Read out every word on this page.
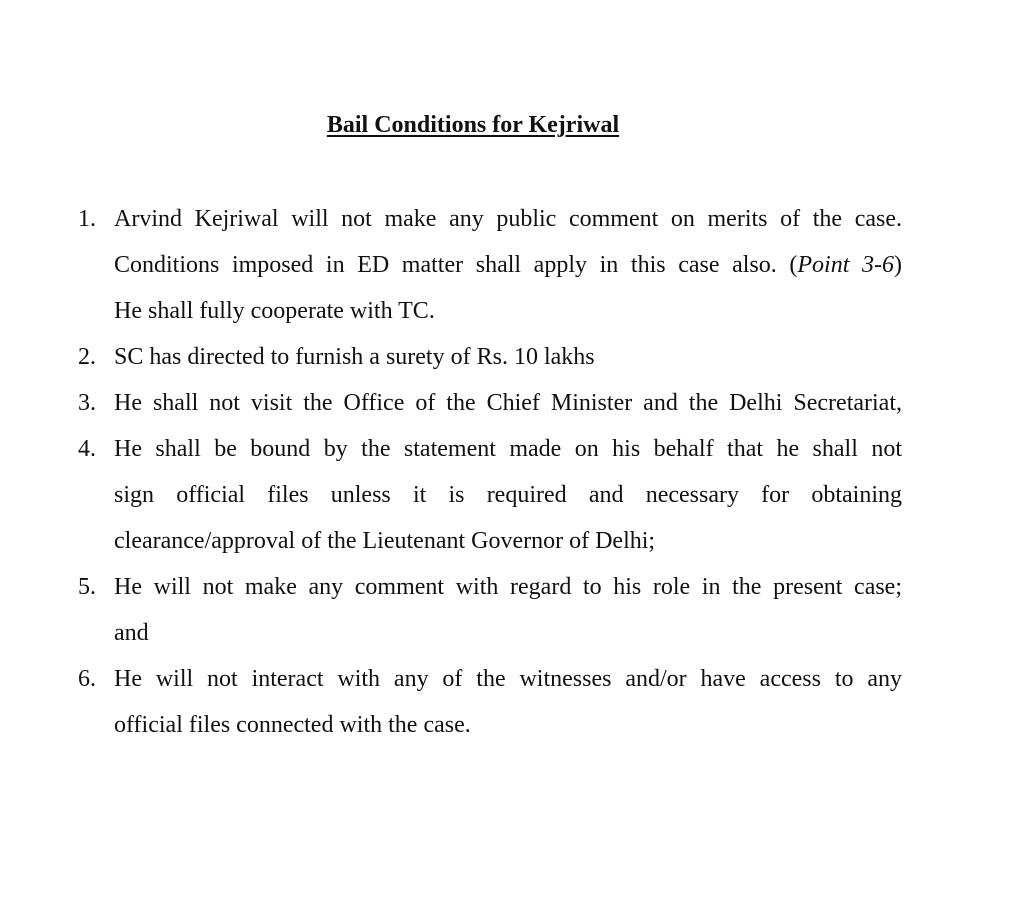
Bail Conditions for Kejriwal
1. Arvind Kejriwal will not make any public comment on merits of the case.
Conditions imposed in ED matter shall apply in this case also. (Point 3-6)
He shall fully cooperate with TC.
2. SC has directed to furnish a surety of Rs. 10 lakhs
3. He shall not visit the Office of the Chief Minister and the Delhi Secretariat,
4. He shall be bound by the statement made on his behalf that he shall not
sign official files unless it is required and necessary for obtaining
clearance/approval of the Lieutenant Governor of Delhi;
5. He will not make any comment with regard to his role in the present case;
and
6. He will not interact with any of the witnesses and/or have access to any
official files connected with the case.
